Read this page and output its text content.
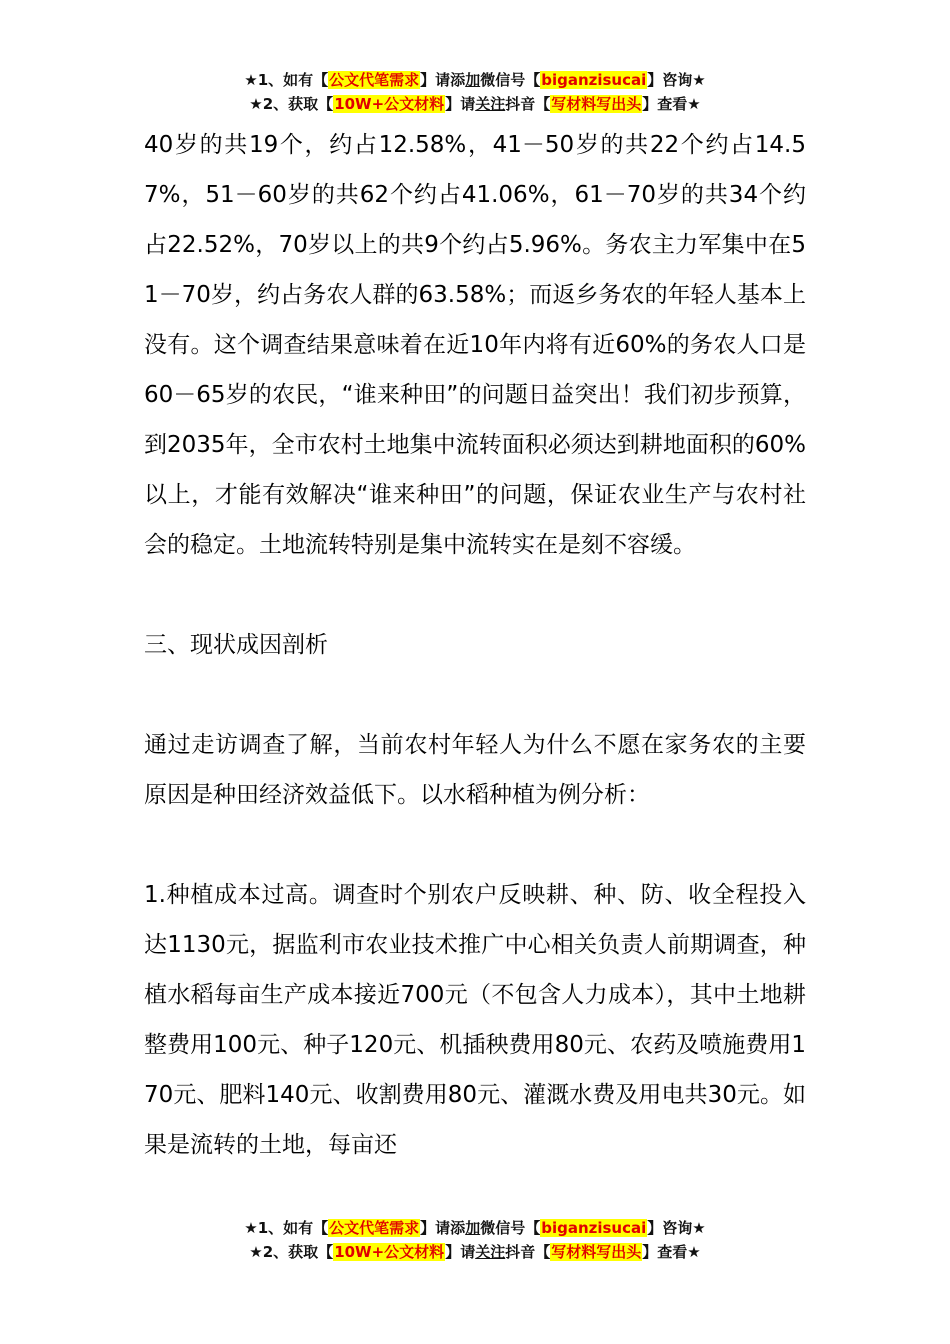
★1、如有【公文代笔需求】请添加微信号【biganzisucai】咨询★
★2、获取【10W+公文材料】请关注抖音【写材料写出头】查看★

40岁的共19个，约占12.58%，41－50岁的共22个约占14.57%，51－60岁的共62个约占41.06%，61－70岁的共34个约占22.52%，70岁以上的共9个约占5.96%。务农主力军集中在51－70岁，约占务农人群的63.58%；而返乡务农的年轻人基本上没有。这个调查结果意味着在近10年内将有近60%的务农人口是60－65岁的农民，“谁来种田”的问题日益突出！我们初步预算，到2035年，全市农村土地集中流转面积必须达到耕地面积的60%以上，才能有效解决“谁来种田”的问题，保证农业生产与农村社会的稳定。土地流转特别是集中流转实在是刻不容缓。

三、现状成因剖析

通过走访调查了解，当前农村年轻人为什么不愿在家务农的主要原因是种田经济效益低下。以水稻种植为例分析：

1.种植成本过高。调查时个别农户反映耕、种、防、收全程投入达1130元，据监利市农业技术推广中心相关负责人前期调查，种植水稻每亩生产成本接近700元（不包含人力成本），其中土地耕整费用100元、种子120元、机插秧费用80元、农药及喷施费用170元、肥料140元、收割费用80元、灌溉水费及用电共30元。如果是流转的土地，每亩还

★1、如有【公文代笔需求】请添加微信号【biganzisucai】咨询★
★2、获取【10W+公文材料】请关注抖音【写材料写出头】查看★
